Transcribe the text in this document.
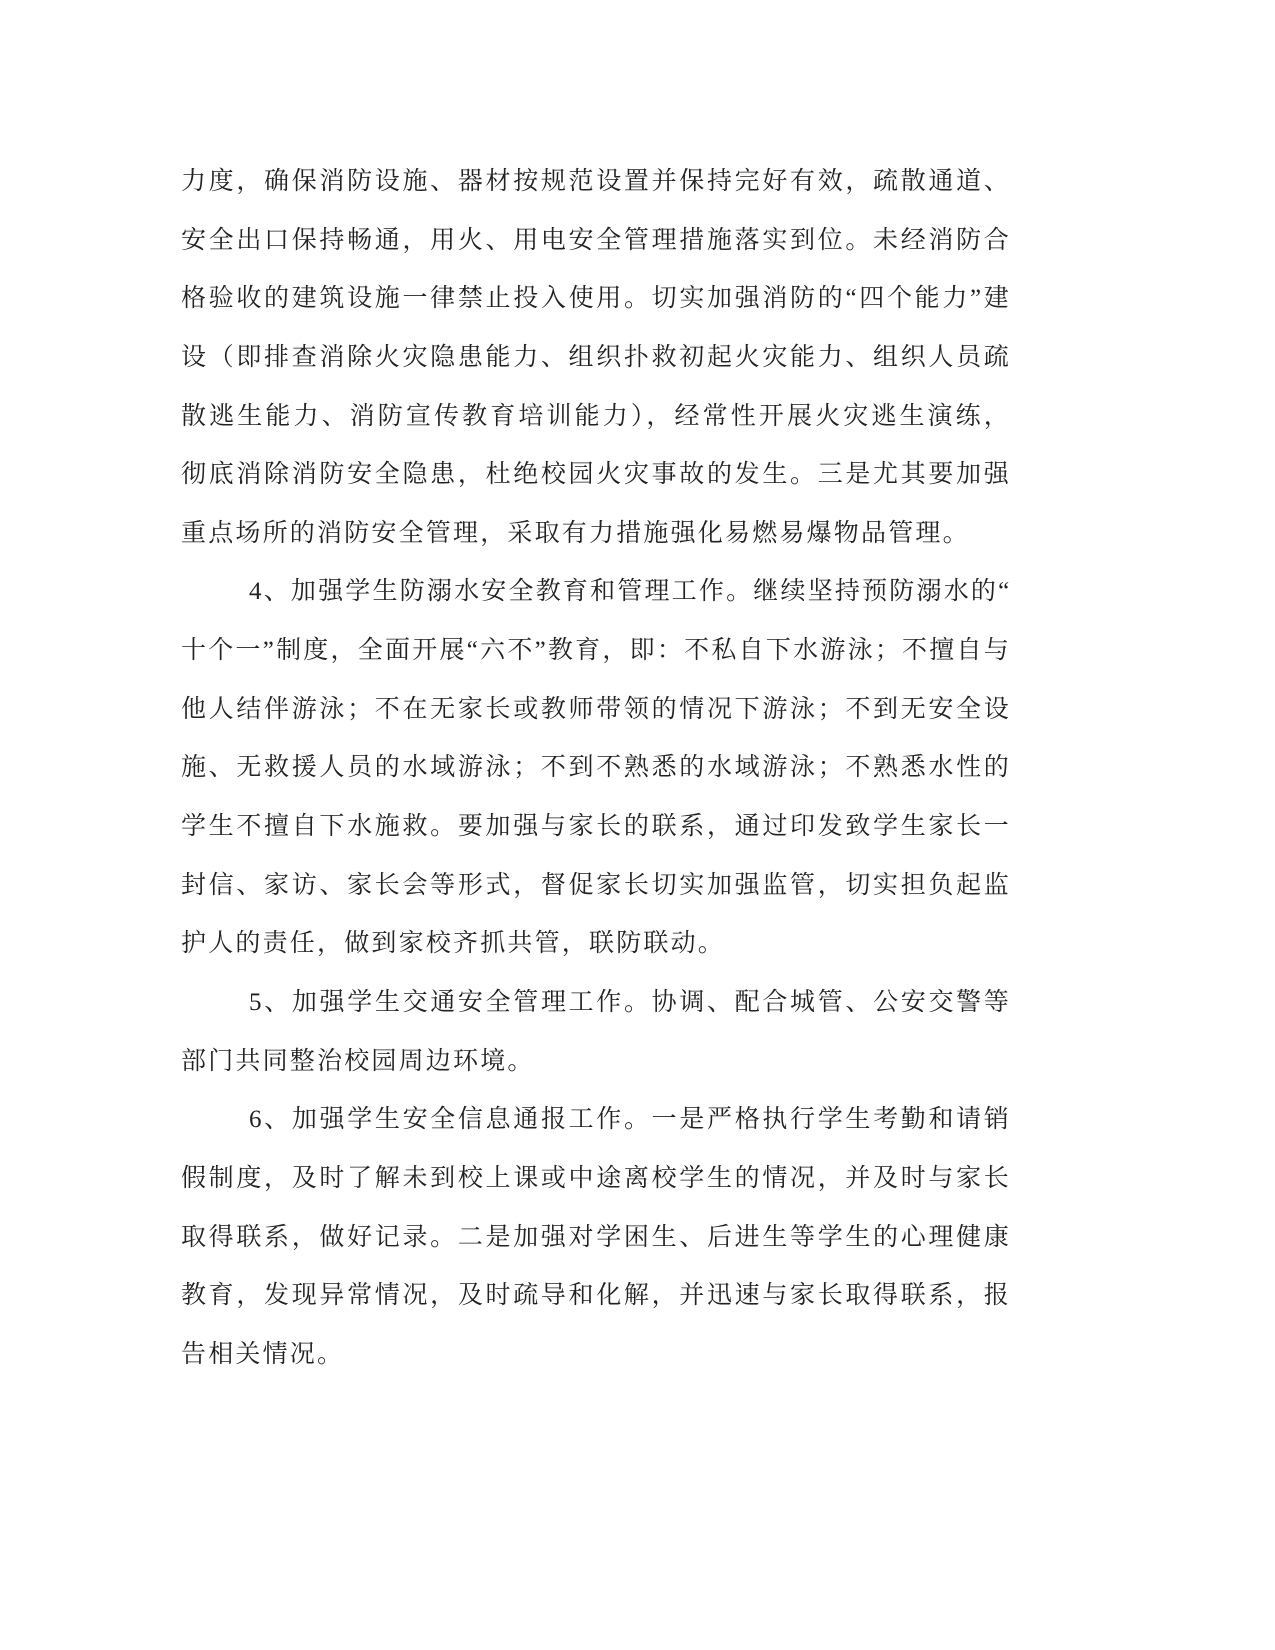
力度，确保消防设施、器材按规范设置并保持完好有效，疏散通道、
安全出口保持畅通，用火、用电安全管理措施落实到位。未经消防合
格验收的建筑设施一律禁止投入使用。切实加强消防的“四个能力”建
设（即排查消除火灾隐患能力、组织扑救初起火灾能力、组织人员疏
散逃生能力、消防宣传教育培训能力），经常性开展火灾逃生演练，
彻底消除消防安全隐患，杜绝校园火灾事故的发生。三是尤其要加强
重点场所的消防安全管理，采取有力措施强化易燃易爆物品管理。
4、加强学生防溺水安全教育和管理工作。继续坚持预防溺水的“
十个一”制度，全面开展“六不”教育，即：不私自下水游泳；不擅自与
他人结伴游泳；不在无家长或教师带领的情况下游泳；不到无安全设
施、无救援人员的水域游泳；不到不熟悉的水域游泳；不熟悉水性的
学生不擅自下水施救。要加强与家长的联系，通过印发致学生家长一
封信、家访、家长会等形式，督促家长切实加强监管，切实担负起监
护人的责任，做到家校齐抓共管，联防联动。
5、加强学生交通安全管理工作。协调、配合城管、公安交警等
部门共同整治校园周边环境。
6、加强学生安全信息通报工作。一是严格执行学生考勤和请销
假制度，及时了解未到校上课或中途离校学生的情况，并及时与家长
取得联系，做好记录。二是加强对学困生、后进生等学生的心理健康
教育，发现异常情况，及时疏导和化解，并迅速与家长取得联系，报
告相关情况。
